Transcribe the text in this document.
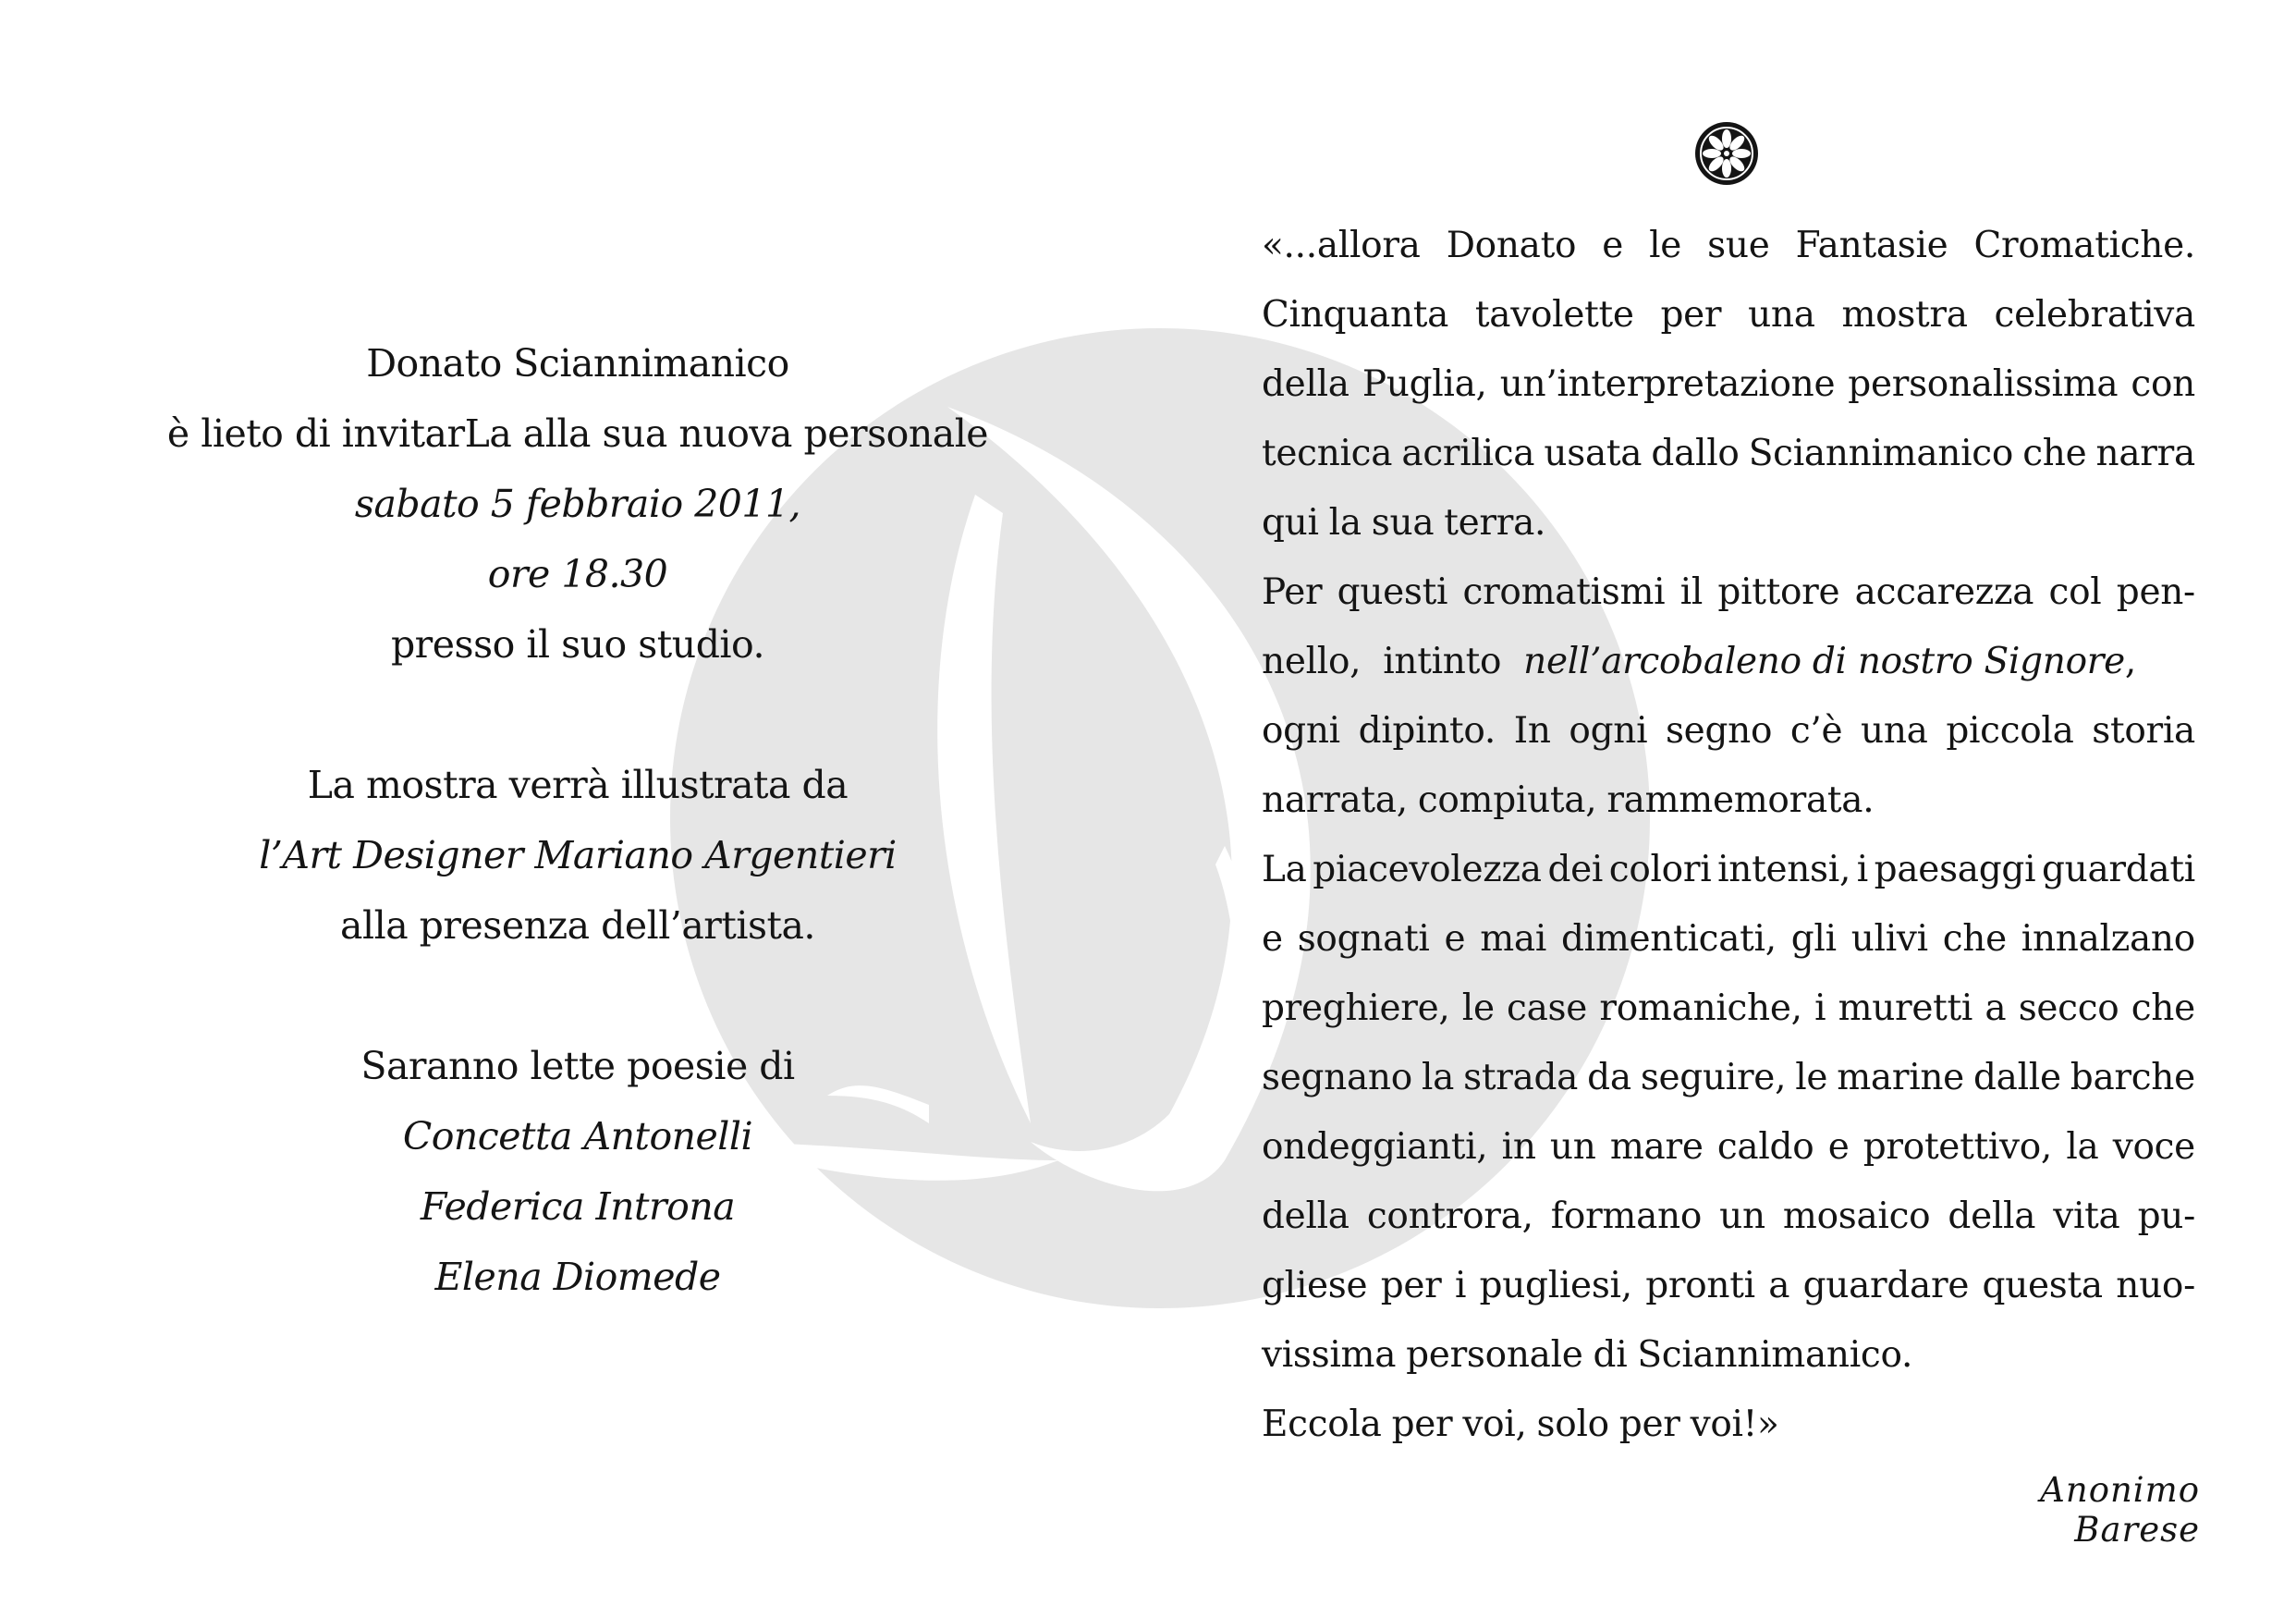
Donato Sciannimanico
è lieto di invitarLa alla sua nuova personale
sabato 5 febbraio 2011,
ore 18.30
presso il suo studio.
La mostra verrà illustrata da
l’Art Designer Mariano Argentieri
alla presenza dell’artista.
Saranno lette poesie di
Concetta Antonelli
Federica Introna
Elena Diomede
«...allora Donato e le sue Fantasie Cromatiche.
Cinquanta tavolette per una mostra celebrativa
della Puglia, un’interpretazione personalissima con
tecnica acrilica usata dallo Sciannimanico che narra
qui la sua terra.
Per questi cromatismi il pittore accarezza col pen-
nello, intinto nell’arcobaleno di nostro Signore ,
ogni dipinto. In ogni segno c’è una piccola storia
narrata, compiuta, rammemorata.
La piacevolezza dei colori intensi, i paesaggi guardati
e sognati e mai dimenticati, gli ulivi che innalzano
preghiere, le case romaniche, i muretti a secco che
segnano la strada da seguire, le marine dalle barche
ondeggianti, in un mare caldo e protettivo, la voce
della controra, formano un mosaico della vita pu-
gliese per i pugliesi, pronti a guardare questa nuo-
vissima personale di Sciannimanico.
Eccola per voi, solo per voi!»
Anonimo Barese
